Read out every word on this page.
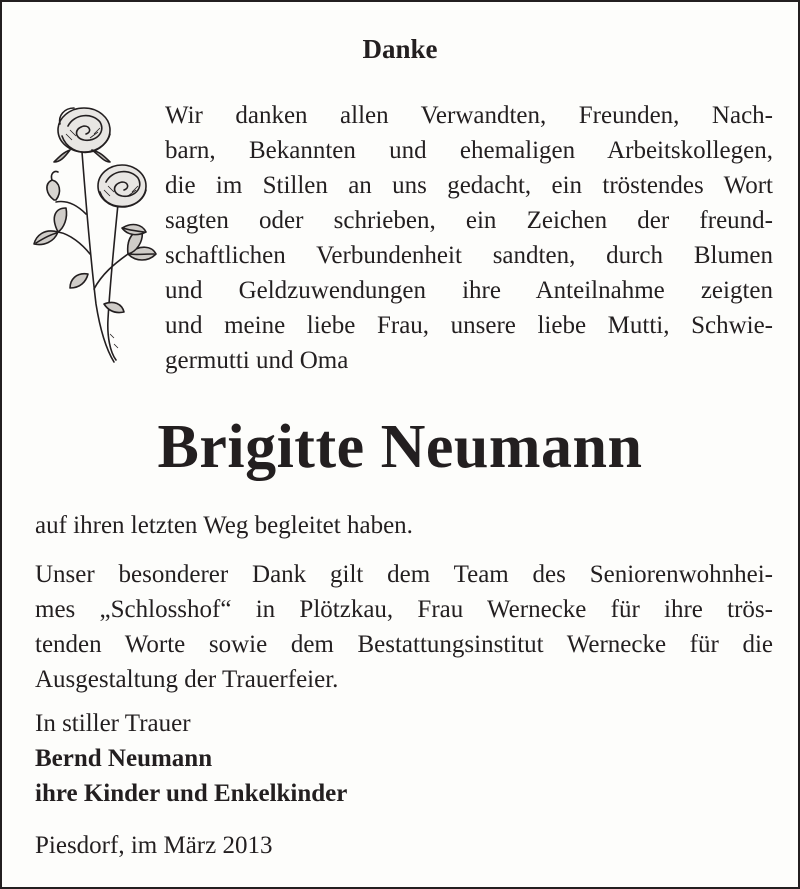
Danke
Wir danken allen Verwandten, Freunden, Nach-
barn, Bekannten und ehemaligen Arbeitskollegen,
die im Stillen an uns gedacht, ein tröstendes Wort
sagten oder schrieben, ein Zeichen der freund-
schaftlichen Verbundenheit sandten, durch Blumen
und Geldzuwendungen ihre Anteilnahme zeigten
und meine liebe Frau, unsere liebe Mutti, Schwie-
germutti und Oma
Brigitte Neumann
auf ihren letzten Weg begleitet haben.
Unser besonderer Dank gilt dem Team des Seniorenwohnhei-
mes „Schlosshof“ in Plötzkau, Frau Wernecke für ihre trös-
tenden Worte sowie dem Bestattungsinstitut Wernecke für die
Ausgestaltung der Trauerfeier.
In stiller Trauer
Bernd Neumann
ihre Kinder und Enkelkinder
Piesdorf, im März 2013
